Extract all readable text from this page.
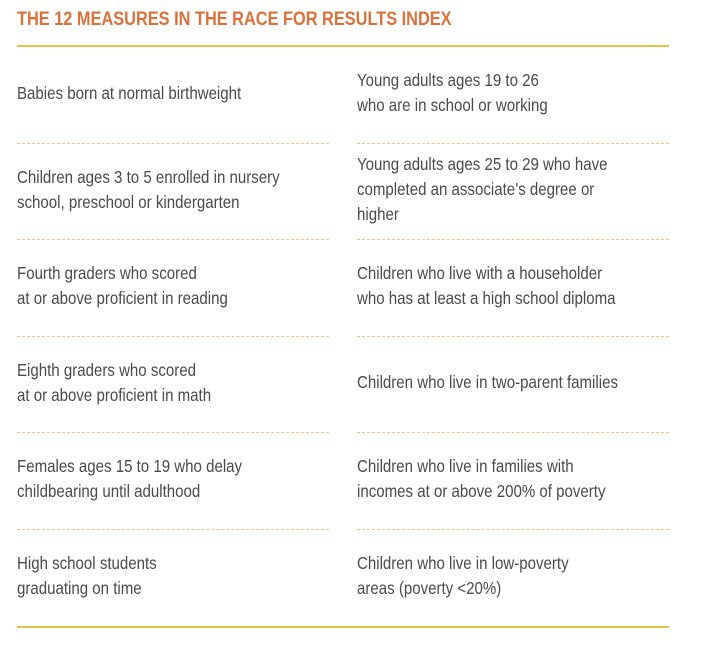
THE 12 MEASURES IN THE RACE FOR RESULTS INDEX
Babies born at normal birthweight
Young adults ages 19 to 26
who are in school or working
Children ages 3 to 5 enrolled in nursery
school, preschool or kindergarten
Young adults ages 25 to 29 who have
completed an associate’s degree or higher
Fourth graders who scored
at or above proficient in reading
Children who live with a householder
who has at least a high school diploma
Eighth graders who scored
at or above proficient in math
Children who live in two-parent families
Females ages 15 to 19 who delay
childbearing until adulthood
Children who live in families with
incomes at or above 200% of poverty
High school students
graduating on time
Children who live in low-poverty
areas (poverty <20%)
